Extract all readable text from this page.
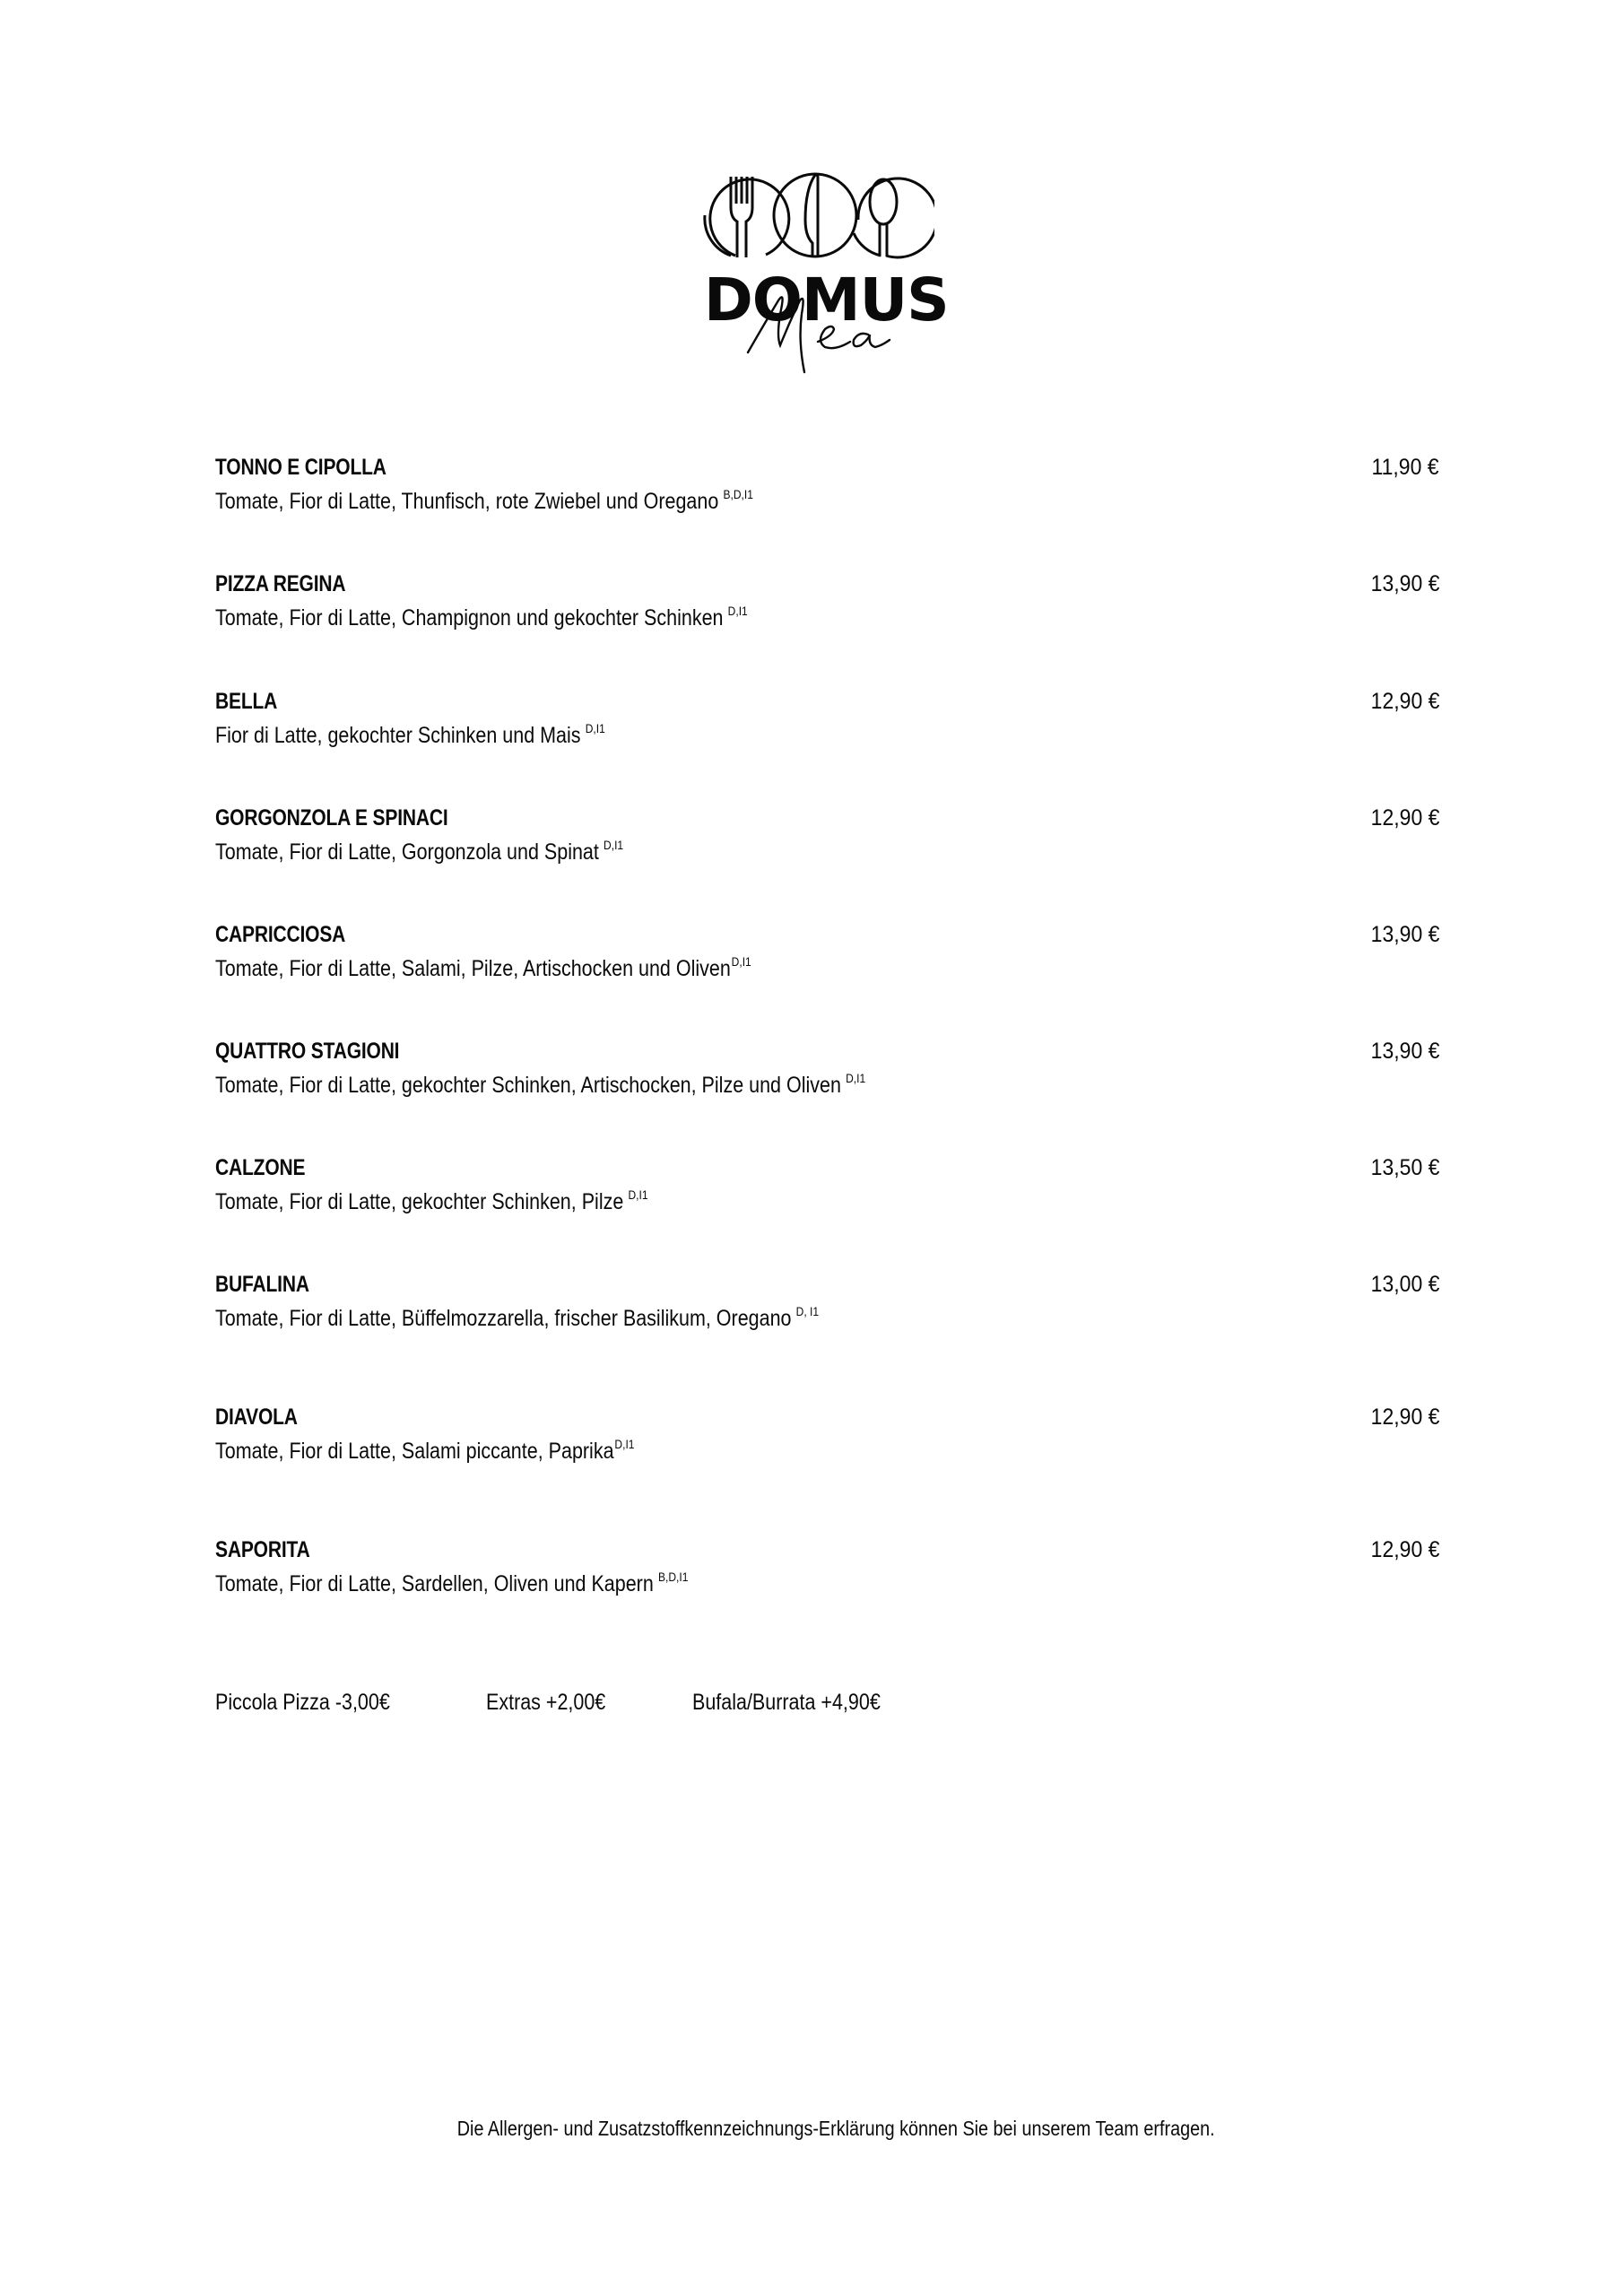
DOMUS
TONNO E CIPOLLA	11,90 €
Tomate, Fior di Latte, Thunfisch, rote Zwiebel und Oregano $^{B,D,I1}$
PIZZA REGINA	13,90 €
Tomate, Fior di Latte, Champignon und gekochter Schinken $^{D,I1}$
BELLA	12,90 €
Fior di Latte, gekochter Schinken und Mais $^{D,I1}$
GORGONZOLA E SPINACI	12,90 €
Tomate, Fior di Latte, Gorgonzola und Spinat $^{D,I1}$
CAPRICCIOSA	13,90 €
Tomate, Fior di Latte, Salami, Pilze, Artischocken und Oliven$^{D,I1}$
QUATTRO STAGIONI	13,90 €
Tomate, Fior di Latte, gekochter Schinken, Artischocken, Pilze und Oliven $^{D,I1}$
CALZONE	13,50 €
Tomate, Fior di Latte, gekochter Schinken, Pilze $^{D,I1}$
BUFALINA	13,00 €
Tomate, Fior di Latte, Büffelmozzarella, frischer Basilikum, Oregano $^{D, I1}$
DIAVOLA	12,90 €
Tomate, Fior di Latte, Salami piccante, Paprika$^{D,I1}$
SAPORITA	12,90 €
Tomate, Fior di Latte, Sardellen, Oliven und Kapern $^{B,D,I1}$
Piccola Pizza -3,00€	Extras +2,00€	Bufala/Burrata +4,90€
Die Allergen- und Zusatzstoffkennzeichnungs-Erklärung können Sie bei unserem Team erfragen.
